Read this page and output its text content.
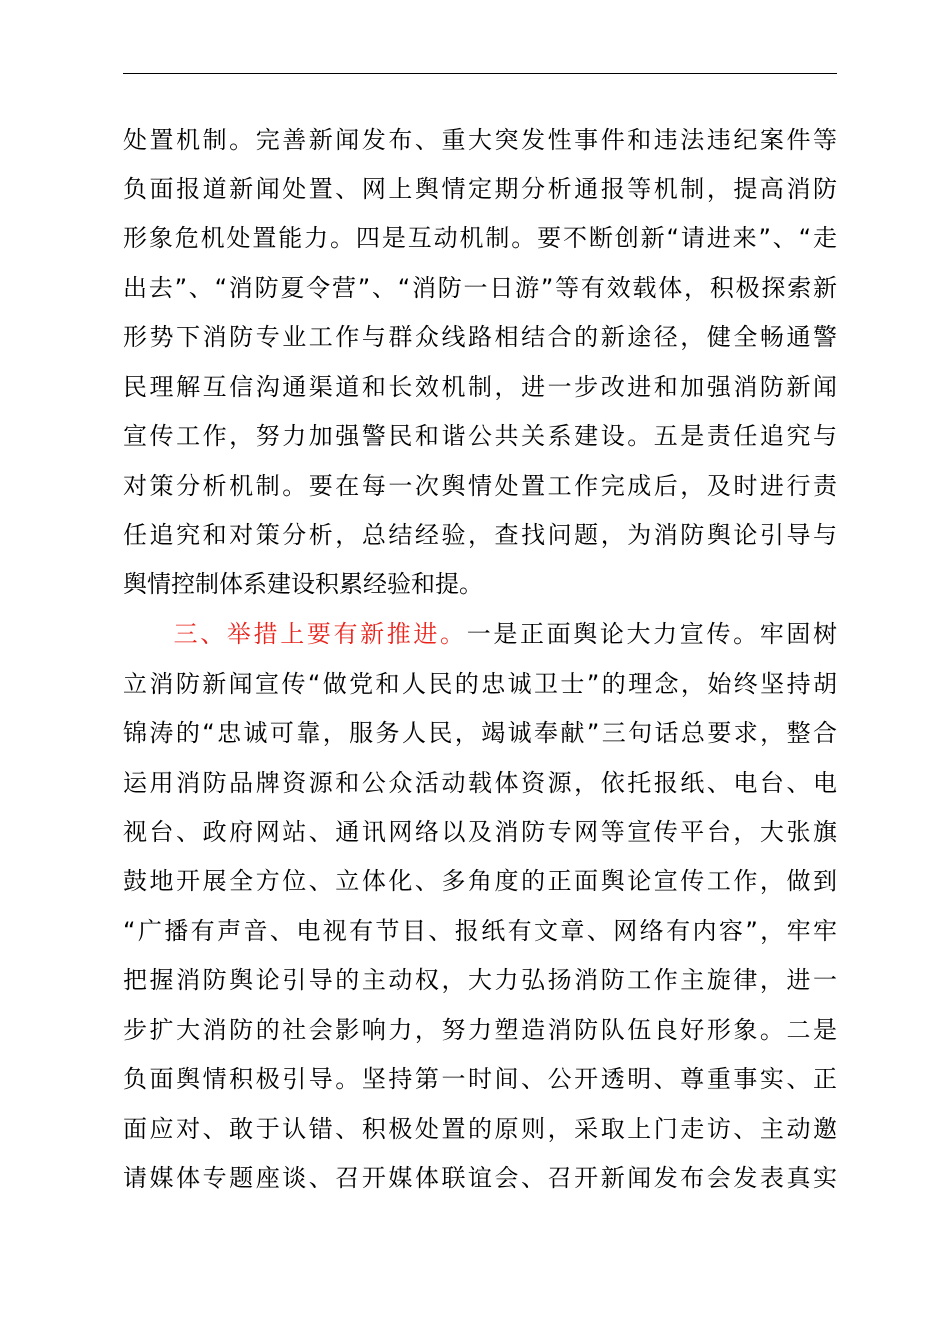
处置机制。完善新闻发布、重大突发性事件和违法违纪案件等
负面报道新闻处置、网上舆情定期分析通报等机制，提高消防
形象危机处置能力。四是互动机制。要不断创新“请进来”、“走
出去”、“消防夏令营”、“消防一日游”等有效载体，积极探索新
形势下消防专业工作与群众线路相结合的新途径，健全畅通警
民理解互信沟通渠道和长效机制，进一步改进和加强消防新闻
宣传工作，努力加强警民和谐公共关系建设。五是责任追究与
对策分析机制。要在每一次舆情处置工作完成后，及时进行责
任追究和对策分析，总结经验，查找问题，为消防舆论引导与
舆情控制体系建设积累经验和提。
三、举措上要有新推进。一是正面舆论大力宣传。牢固树
立消防新闻宣传“做党和人民的忠诚卫士”的理念，始终坚持胡
锦涛的“忠诚可靠，服务人民，竭诚奉献”三句话总要求，整合
运用消防品牌资源和公众活动载体资源，依托报纸、电台、电
视台、政府网站、通讯网络以及消防专网等宣传平台，大张旗
鼓地开展全方位、立体化、多角度的正面舆论宣传工作，做到
“广播有声音、电视有节目、报纸有文章、网络有内容”，牢牢
把握消防舆论引导的主动权，大力弘扬消防工作主旋律，进一
步扩大消防的社会影响力，努力塑造消防队伍良好形象。二是
负面舆情积极引导。坚持第一时间、公开透明、尊重事实、正
面应对、敢于认错、积极处置的原则，采取上门走访、主动邀
请媒体专题座谈、召开媒体联谊会、召开新闻发布会发表真实
